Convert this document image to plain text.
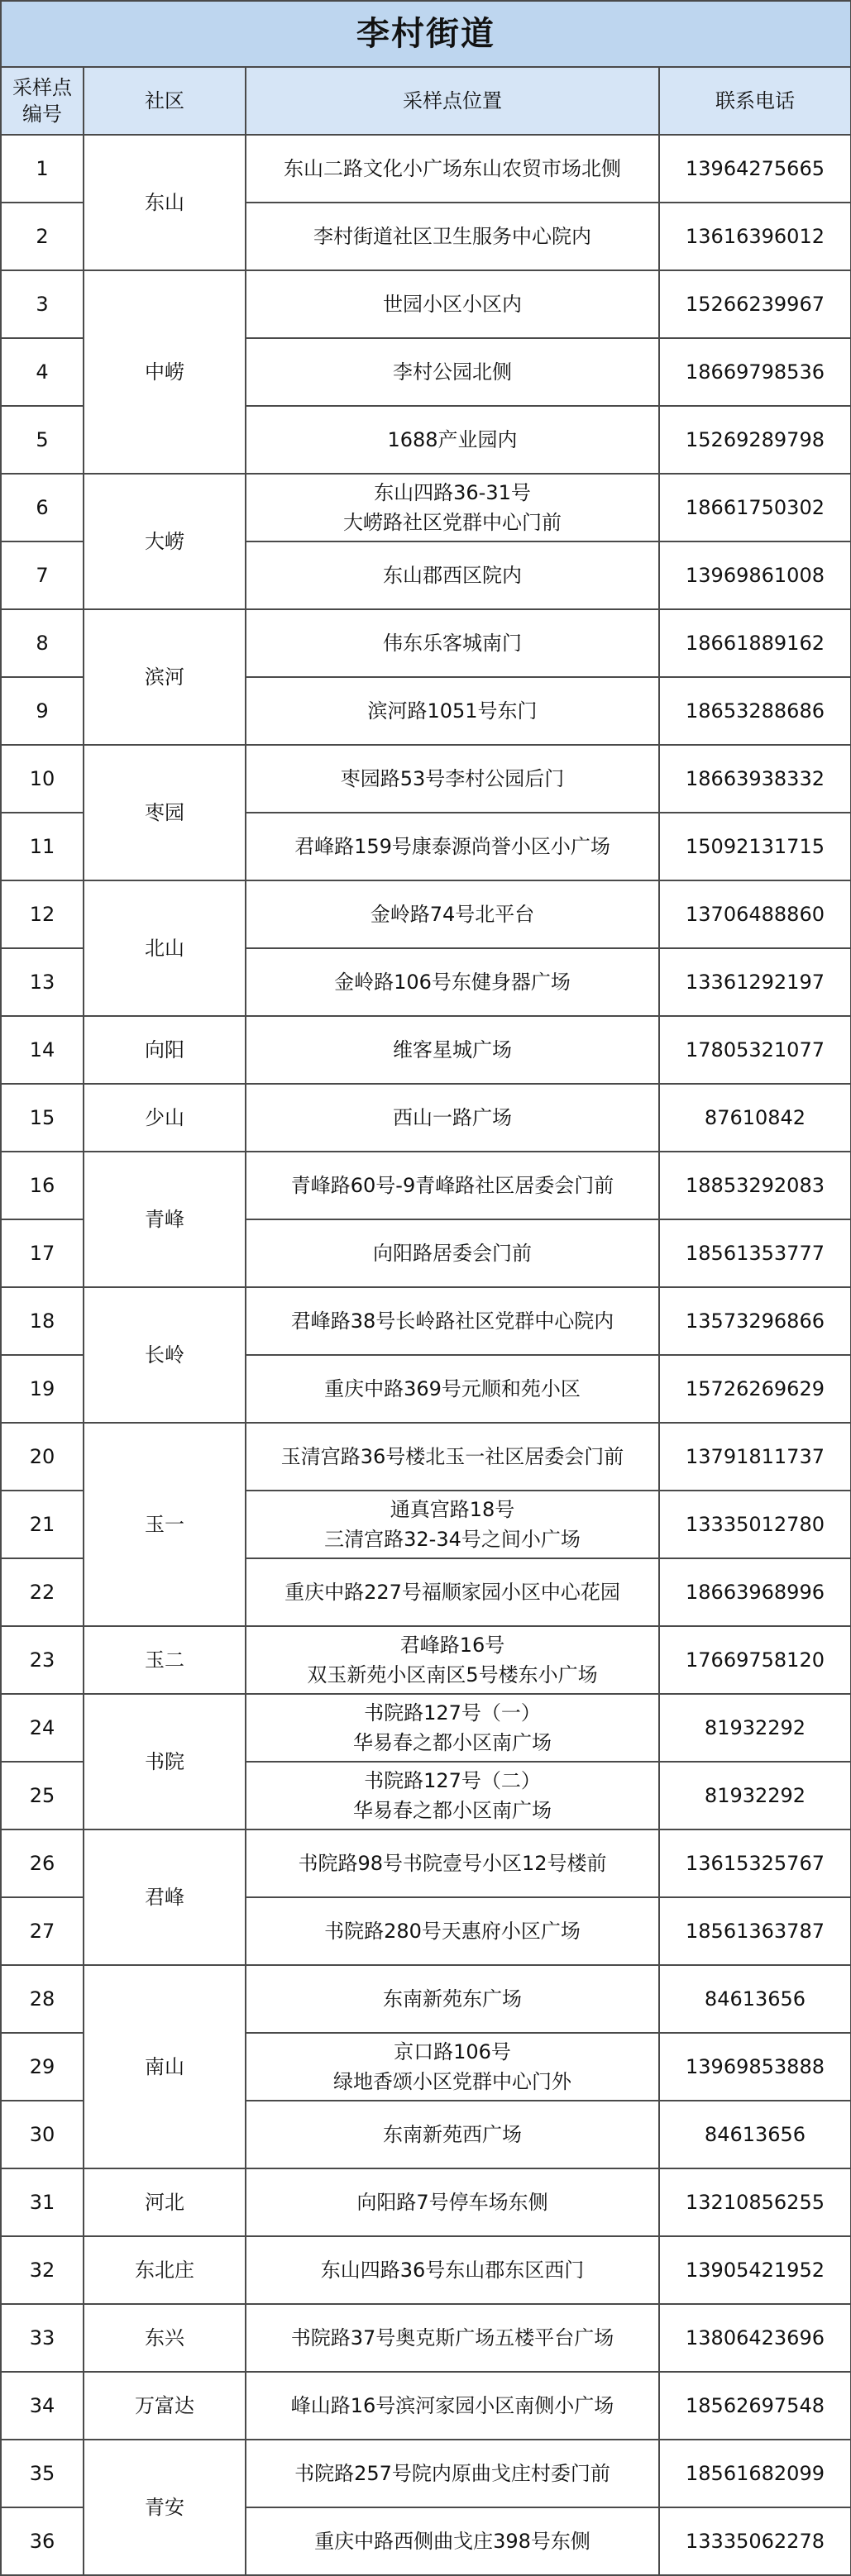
李村街道			
采样点
编号	社区	采样点位置	联系电话
1	东山	东山二路文化小广场东山农贸市场北侧	13964275665
2		李村街道社区卫生服务中心院内	13616396012
3	中崂	世园小区小区内	15266239967
4		李村公园北侧	18669798536
5		1688产业园内	15269289798
6	大崂	东山四路36-31号
大崂路社区党群中心门前	18661750302
7		东山郡西区院内	13969861008
8	滨河	伟东乐客城南门	18661889162
9		滨河路1051号东门	18653288686
10	枣园	枣园路53号李村公园后门	18663938332
11		君峰路159号康泰源尚誉小区小广场	15092131715
12	北山	金岭路74号北平台	13706488860
13		金岭路106号东健身器广场	13361292197
14	向阳	维客星城广场	17805321077
15	少山	西山一路广场	87610842
16	青峰	青峰路60号-9青峰路社区居委会门前	18853292083
17		向阳路居委会门前	18561353777
18	长岭	君峰路38号长岭路社区党群中心院内	13573296866
19		重庆中路369号元顺和苑小区	15726269629
20	玉一	玉清宫路36号楼北玉一社区居委会门前	13791811737
21		通真宫路18号
三清宫路32-34号之间小广场	13335012780
22		重庆中路227号福顺家园小区中心花园	18663968996
23	玉二	君峰路16号
双玉新苑小区南区5号楼东小广场	17669758120
24	书院	书院路127号（一）
华易春之都小区南广场	81932292
25		书院路127号（二）
华易春之都小区南广场	81932292
26	君峰	书院路98号书院壹号小区12号楼前	13615325767
27		书院路280号天惠府小区广场	18561363787
28	南山	东南新苑东广场	84613656
29		京口路106号
绿地香颂小区党群中心门外	13969853888
30		东南新苑西广场	84613656
31	河北	向阳路7号停车场东侧	13210856255
32	东北庄	东山四路36号东山郡东区西门	13905421952
33	东兴	书院路37号奥克斯广场五楼平台广场	13806423696
34	万富达	峰山路16号滨河家园小区南侧小广场	18562697548
35	青安	书院路257号院内原曲戈庄村委门前	18561682099
36		重庆中路西侧曲戈庄398号东侧	13335062278
